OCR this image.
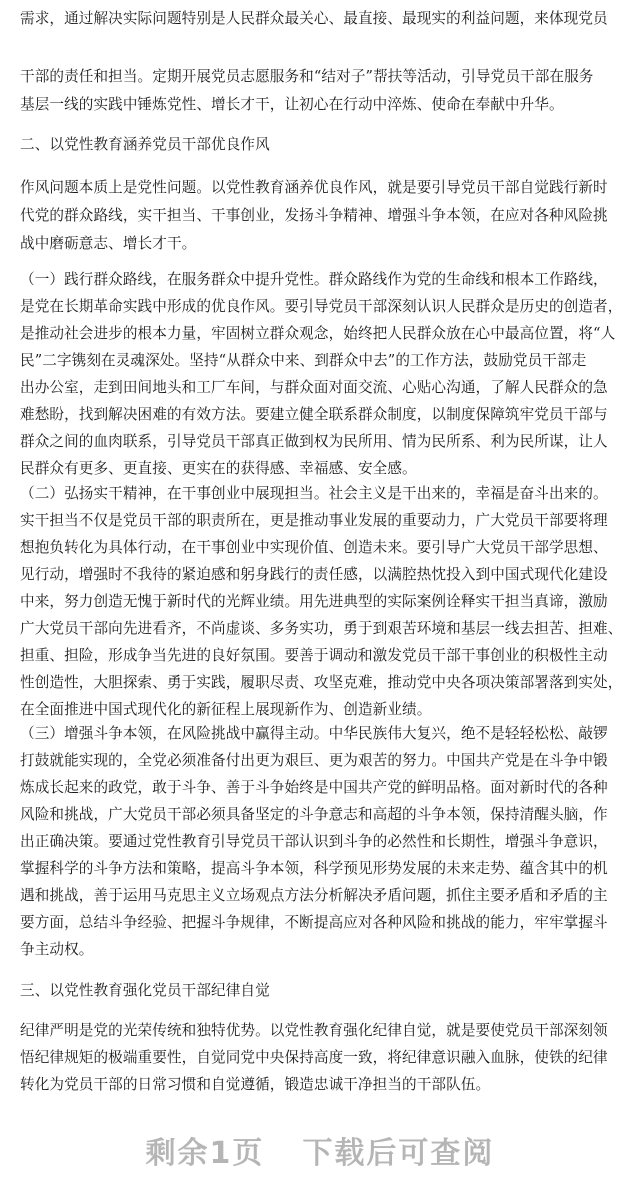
需求，通过解决实际问题特别是人民群众最关心、最直接、最现实的利益问题，来体现党员
干部的责任和担当。定期开展党员志愿服务和“结对子”帮扶等活动，引导党员干部在服务
基层一线的实践中锤炼党性、增长才干，让初心在行动中淬炼、使命在奉献中升华。
二、以党性教育涵养党员干部优良作风
作风问题本质上是党性问题。以党性教育涵养优良作风，就是要引导党员干部自觉践行新时
代党的群众路线，实干担当、干事创业，发扬斗争精神、增强斗争本领，在应对各种风险挑
战中磨砺意志、增长才干。
（一）践行群众路线，在服务群众中提升党性。群众路线作为党的生命线和根本工作路线，
是党在长期革命实践中形成的优良作风。要引导党员干部深刻认识人民群众是历史的创造者，
是推动社会进步的根本力量，牢固树立群众观念，始终把人民群众放在心中最高位置，将“人
民”二字镌刻在灵魂深处。坚持“从群众中来、到群众中去”的工作方法，鼓励党员干部走
出办公室，走到田间地头和工厂车间，与群众面对面交流、心贴心沟通，了解人民群众的急
难愁盼，找到解决困难的有效方法。要建立健全联系群众制度，以制度保障筑牢党员干部与
群众之间的血肉联系，引导党员干部真正做到权为民所用、情为民所系、利为民所谋，让人
民群众有更多、更直接、更实在的获得感、幸福感、安全感。
（二）弘扬实干精神，在干事创业中展现担当。社会主义是干出来的，幸福是奋斗出来的。
实干担当不仅是党员干部的职责所在，更是推动事业发展的重要动力，广大党员干部要将理
想抱负转化为具体行动，在干事创业中实现价值、创造未来。要引导广大党员干部学思想、
见行动，增强时不我待的紧迫感和躬身践行的责任感，以满腔热忱投入到中国式现代化建设
中来，努力创造无愧于新时代的光辉业绩。用先进典型的实际案例诠释实干担当真谛，激励
广大党员干部向先进看齐，不尚虚谈、多务实功，勇于到艰苦环境和基层一线去担苦、担难、
担重、担险，形成争当先进的良好氛围。要善于调动和激发党员干部干事创业的积极性主动
性创造性，大胆探索、勇于实践，履职尽责、攻坚克难，推动党中央各项决策部署落到实处，
在全面推进中国式现代化的新征程上展现新作为、创造新业绩。
（三）增强斗争本领，在风险挑战中赢得主动。中华民族伟大复兴，绝不是轻轻松松、敲锣
打鼓就能实现的，全党必须准备付出更为艰巨、更为艰苦的努力。中国共产党是在斗争中锻
炼成长起来的政党，敢于斗争、善于斗争始终是中国共产党的鲜明品格。面对新时代的各种
风险和挑战，广大党员干部必须具备坚定的斗争意志和高超的斗争本领，保持清醒头脑，作
出正确决策。要通过党性教育引导党员干部认识到斗争的必然性和长期性，增强斗争意识，
掌握科学的斗争方法和策略，提高斗争本领，科学预见形势发展的未来走势、蕴含其中的机
遇和挑战，善于运用马克思主义立场观点方法分析解决矛盾问题，抓住主要矛盾和矛盾的主
要方面，总结斗争经验、把握斗争规律，不断提高应对各种风险和挑战的能力，牢牢掌握斗
争主动权。
三、以党性教育强化党员干部纪律自觉
纪律严明是党的光荣传统和独特优势。以党性教育强化纪律自觉，就是要使党员干部深刻领
悟纪律规矩的极端重要性，自觉同党中央保持高度一致，将纪律意识融入血脉，使铁的纪律
转化为党员干部的日常习惯和自觉遵循，锻造忠诚干净担当的干部队伍。
剩余1页 下载后可查阅
